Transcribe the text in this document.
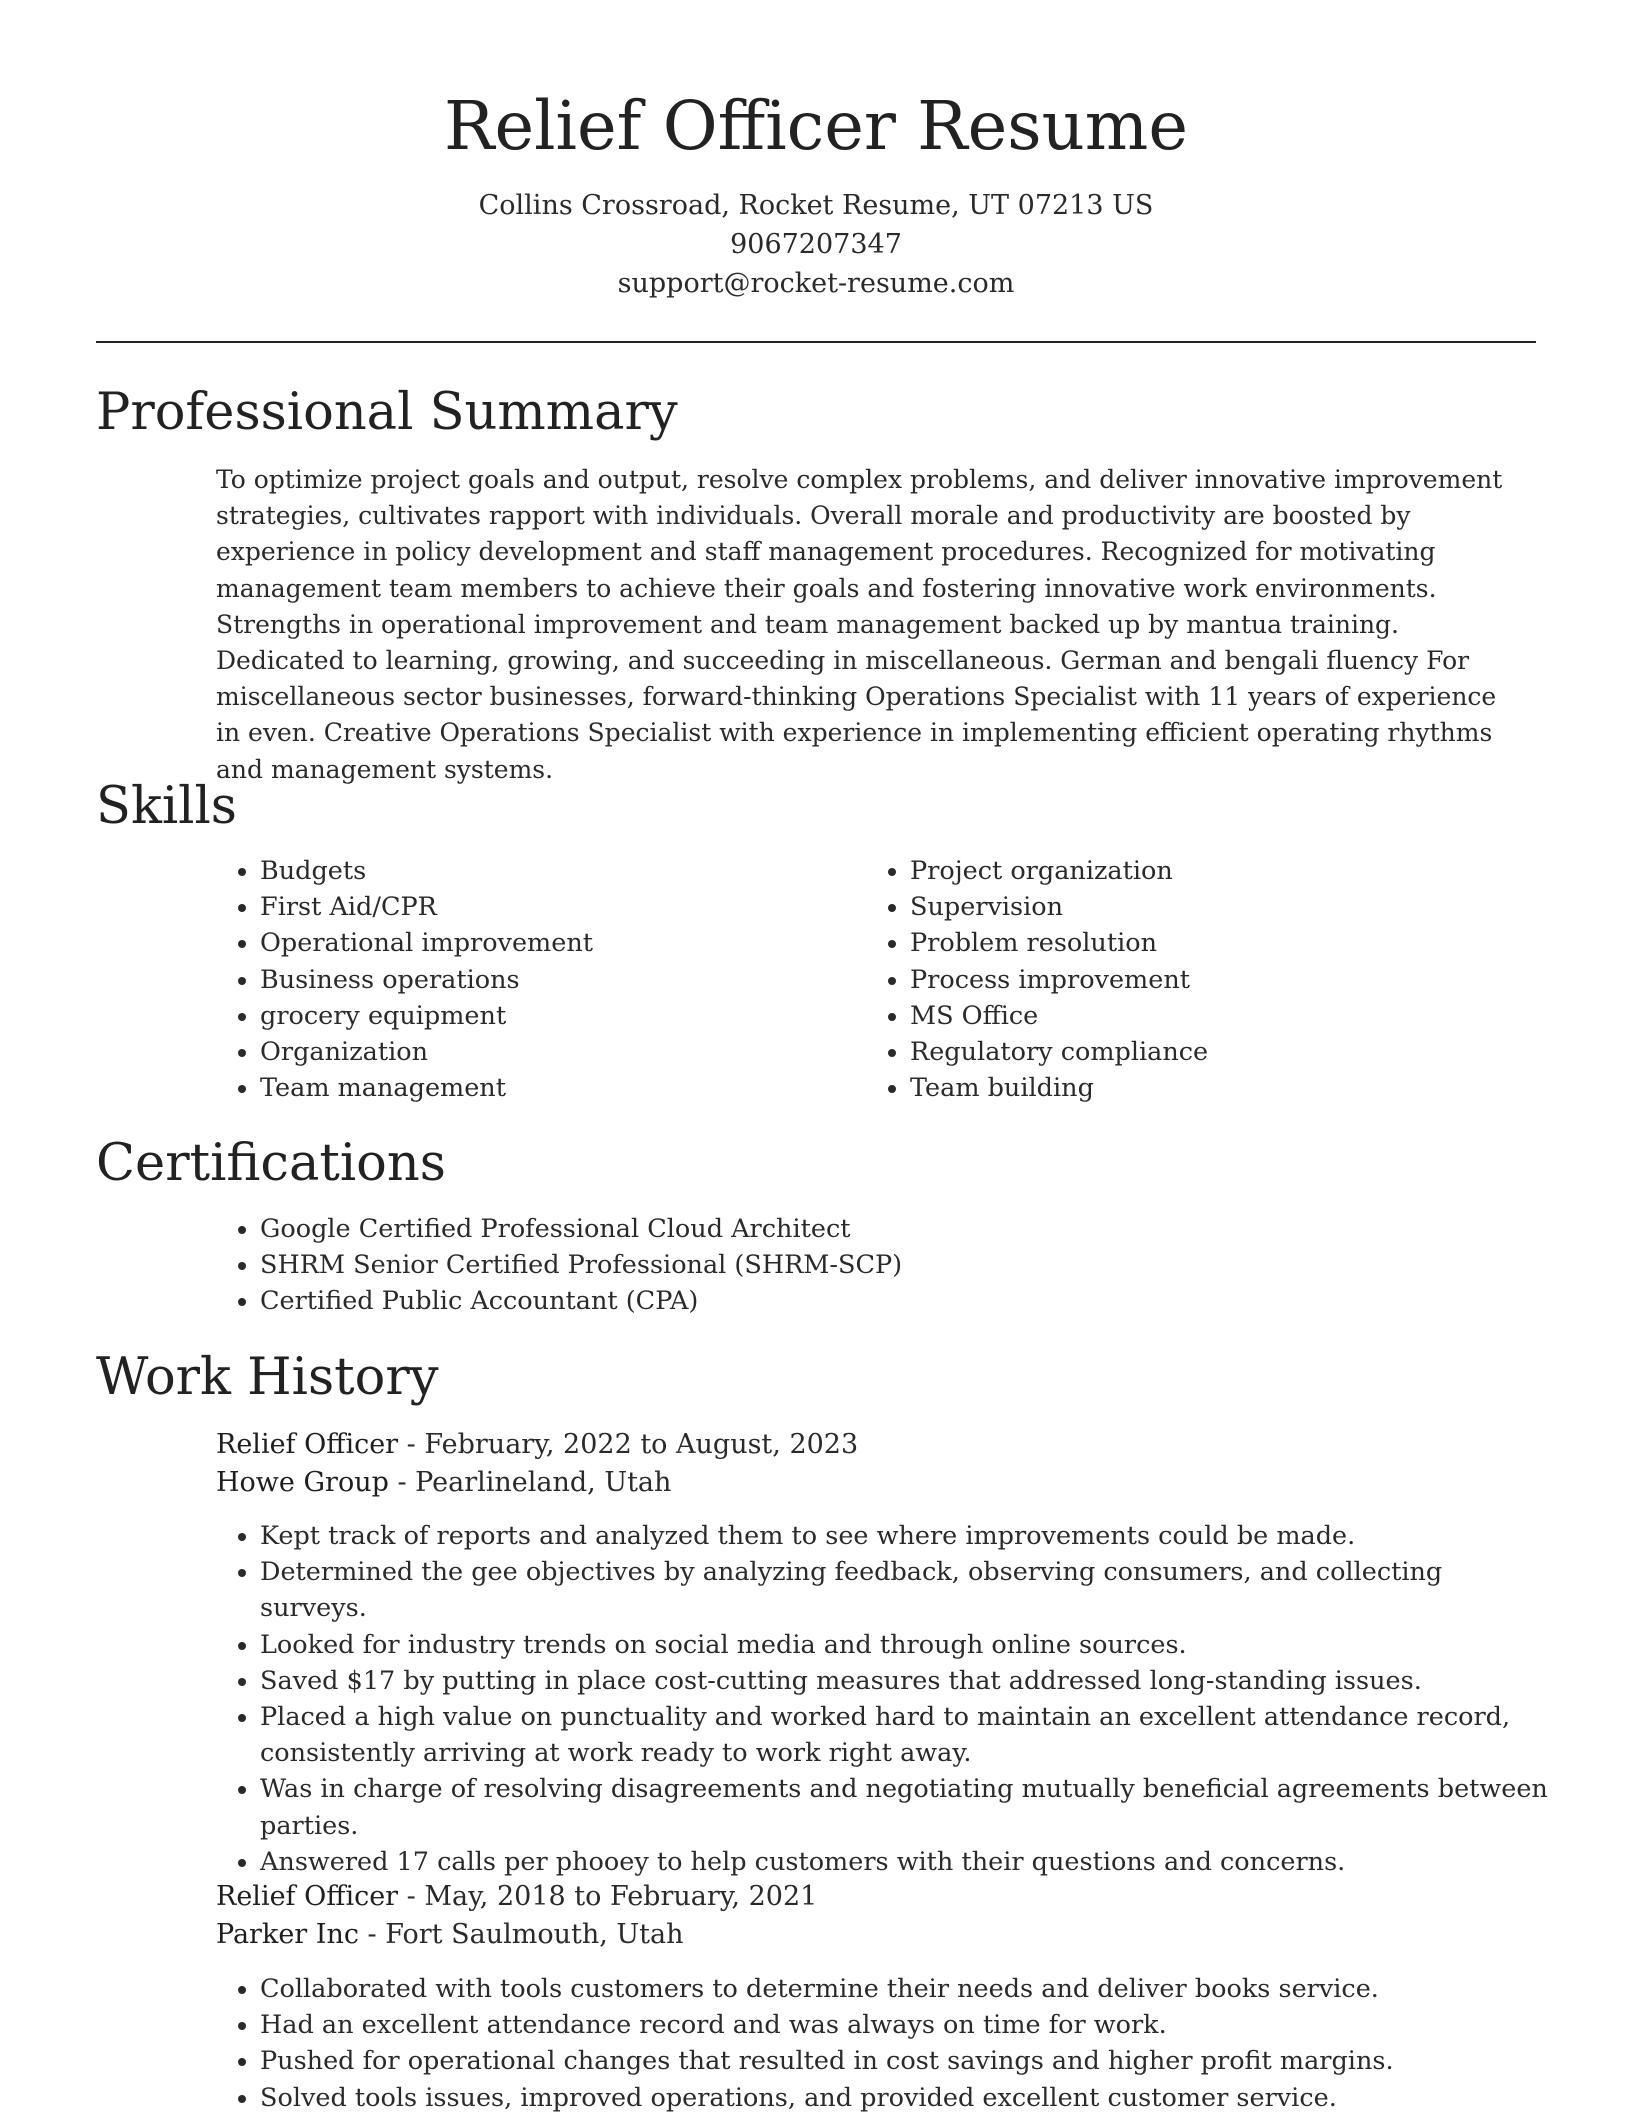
Relief Officer Resume
Collins Crossroad, Rocket Resume, UT 07213 US
9067207347
support@rocket-resume.com
Professional Summary

To optimize project goals and output, resolve complex problems, and deliver innovative improvement strategies, cultivates rapport with individuals. Overall morale and productivity are boosted by experience in policy development and staff management procedures. Recognized for motivating management team members to achieve their goals and fostering innovative work environments. Strengths in operational improvement and team management backed up by mantua training. Dedicated to learning, growing, and succeeding in miscellaneous. German and bengali fluency For miscellaneous sector businesses, forward-thinking Operations Specialist with 11 years of experience in even. Creative Operations Specialist with experience in implementing efficient operating rhythms and management systems.

Skills
• Budgets
• First Aid/CPR
• Operational improvement
• Business operations
• grocery equipment
• Organization
• Team management
• Project organization
• Supervision
• Problem resolution
• Process improvement
• MS Office
• Regulatory compliance
• Team building
Certifications
• Google Certified Professional Cloud Architect
• SHRM Senior Certified Professional (SHRM-SCP)
• Certified Public Accountant (CPA)
Work History
Relief Officer - February, 2022 to August, 2023
Howe Group - Pearlineland, Utah
• Kept track of reports and analyzed them to see where improvements could be made.
• Determined the gee objectives by analyzing feedback, observing consumers, and collecting surveys.
• Looked for industry trends on social media and through online sources.
• Saved $17 by putting in place cost-cutting measures that addressed long-standing issues.
• Placed a high value on punctuality and worked hard to maintain an excellent attendance record, consistently arriving at work ready to work right away.
• Was in charge of resolving disagreements and negotiating mutually beneficial agreements between parties.
• Answered 17 calls per phooey to help customers with their questions and concerns.
Relief Officer - May, 2018 to February, 2021
Parker Inc - Fort Saulmouth, Utah
• Collaborated with tools customers to determine their needs and deliver books service.
• Had an excellent attendance record and was always on time for work.
• Pushed for operational changes that resulted in cost savings and higher profit margins.
• Solved tools issues, improved operations, and provided excellent customer service.
